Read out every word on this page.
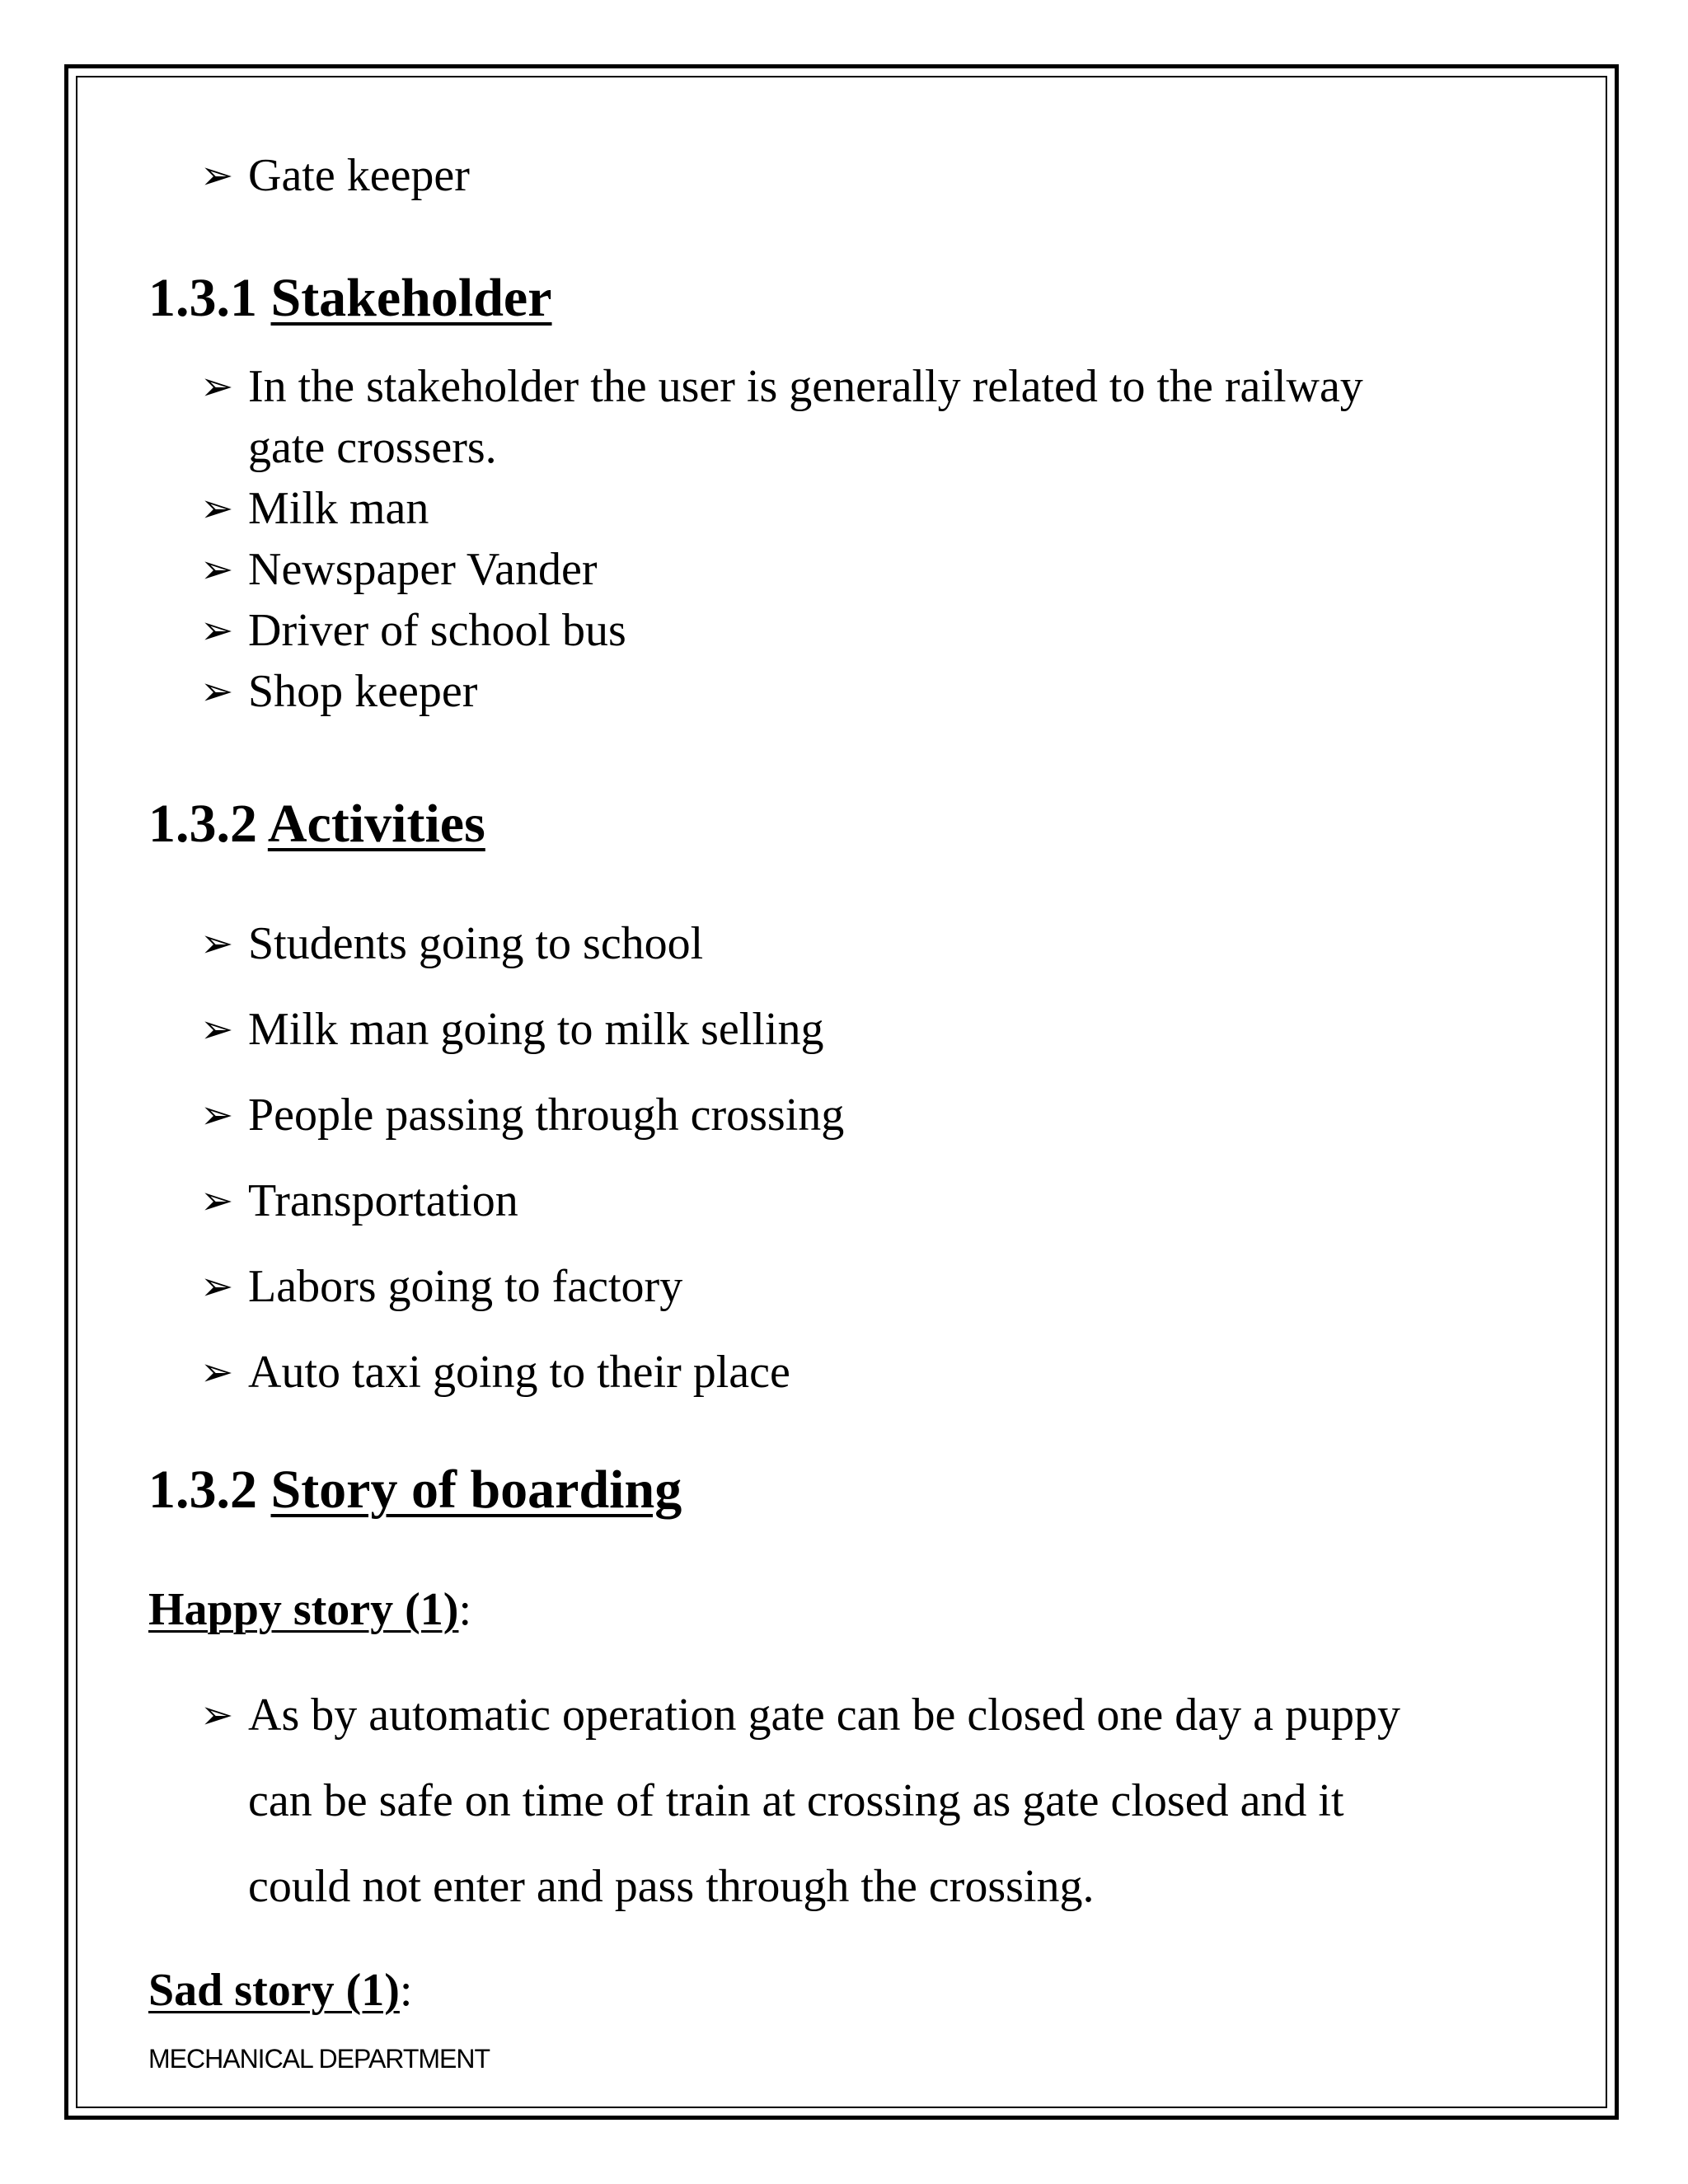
➢ Gate keeper
1.3.1 Stakeholder
➢ In the stakeholder the user is generally related to the railway
gate crossers.
➢ Milk man
➢ Newspaper Vander
➢ Driver of school bus
➢ Shop keeper
1.3.2 Activities
➢ Students going to school
➢ Milk man going to milk selling
➢ People passing through crossing
➢ Transportation
➢ Labors going to factory
➢ Auto taxi going to their place
1.3.2 Story of boarding
Happy story (1):
➢ As by automatic operation gate can be closed one day a puppy
can be safe on time of train at crossing as gate closed and it
could not enter and pass through the crossing.
Sad story (1):
MECHANICAL DEPARTMENT
